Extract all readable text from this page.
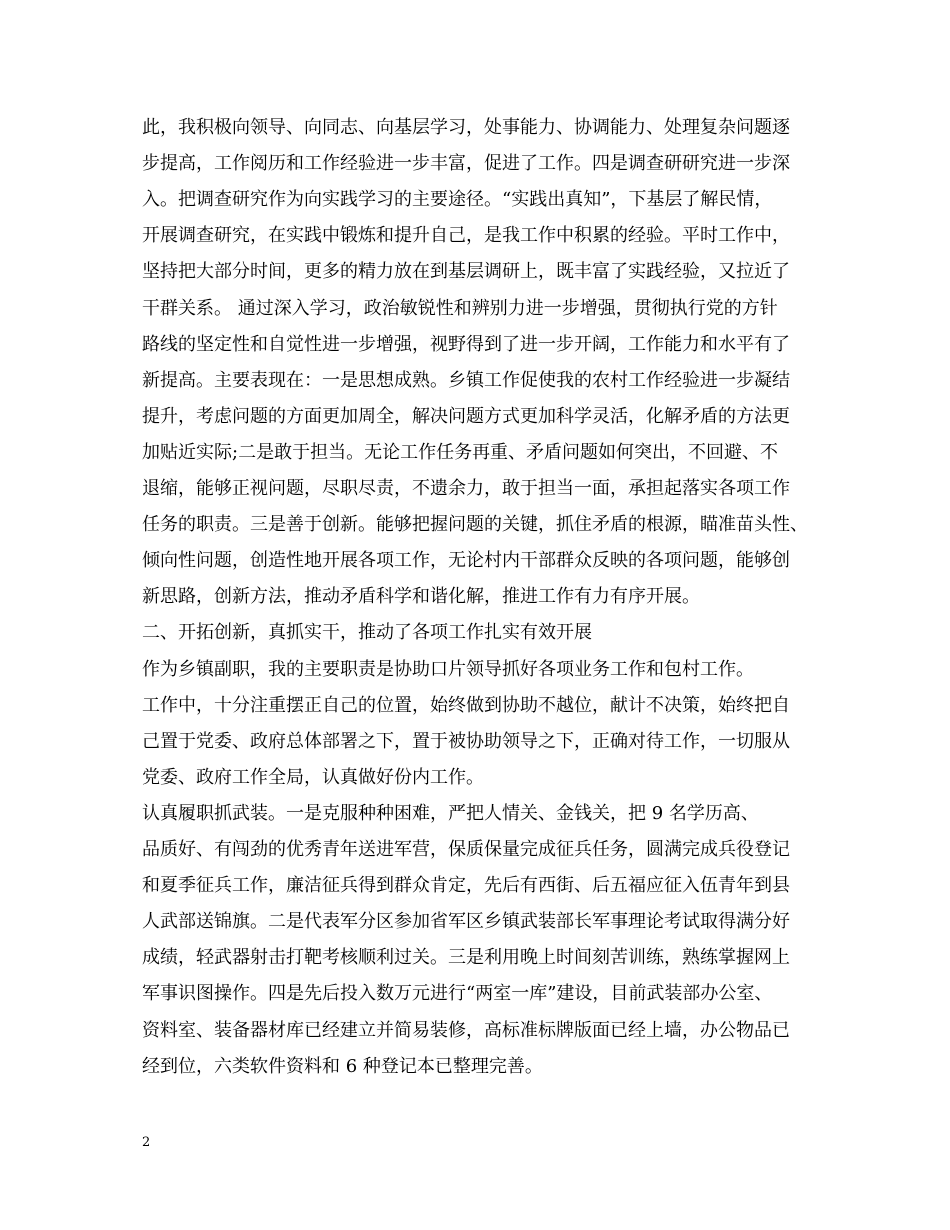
此，我积极向领导、向同志、向基层学习，处事能力、协调能力、处理复杂问题逐
步提高，工作阅历和工作经验进一步丰富，促进了工作。四是调查研研究进一步深
入。把调查研究作为向实践学习的主要途径。“实践出真知”，下基层了解民情，
开展调查研究，在实践中锻炼和提升自己，是我工作中积累的经验。平时工作中，
坚持把大部分时间，更多的精力放在到基层调研上，既丰富了实践经验，又拉近了
干群关系。 通过深入学习，政治敏锐性和辨别力进一步增强，贯彻执行党的方针
路线的坚定性和自觉性进一步增强，视野得到了进一步开阔，工作能力和水平有了
新提高。主要表现在：一是思想成熟。乡镇工作促使我的农村工作经验进一步凝结
提升，考虑问题的方面更加周全，解决问题方式更加科学灵活，化解矛盾的方法更
加贴近实际;二是敢于担当。无论工作任务再重、矛盾问题如何突出，不回避、不
退缩，能够正视问题，尽职尽责，不遗余力，敢于担当一面，承担起落实各项工作
任务的职责。三是善于创新。能够把握问题的关键，抓住矛盾的根源，瞄准苗头性、
倾向性问题，创造性地开展各项工作，无论村内干部群众反映的各项问题，能够创
新思路，创新方法，推动矛盾科学和谐化解，推进工作有力有序开展。
二、开拓创新，真抓实干，推动了各项工作扎实有效开展
作为乡镇副职，我的主要职责是协助口片领导抓好各项业务工作和包村工作。
工作中，十分注重摆正自己的位置，始终做到协助不越位，献计不决策，始终把自
己置于党委、政府总体部署之下，置于被协助领导之下，正确对待工作，一切服从
党委、政府工作全局，认真做好份内工作。
认真履职抓武装。一是克服种种困难，严把人情关、金钱关，把 9 名学历高、
品质好、有闯劲的优秀青年送进军营，保质保量完成征兵任务，圆满完成兵役登记
和夏季征兵工作，廉洁征兵得到群众肯定，先后有西街、后五福应征入伍青年到县
人武部送锦旗。二是代表军分区参加省军区乡镇武装部长军事理论考试取得满分好
成绩，轻武器射击打靶考核顺利过关。三是利用晚上时间刻苦训练，熟练掌握网上
军事识图操作。四是先后投入数万元进行“两室一库”建设，目前武装部办公室、
资料室、装备器材库已经建立并简易装修，高标准标牌版面已经上墙，办公物品已
经到位，六类软件资料和 6 种登记本已整理完善。
2
